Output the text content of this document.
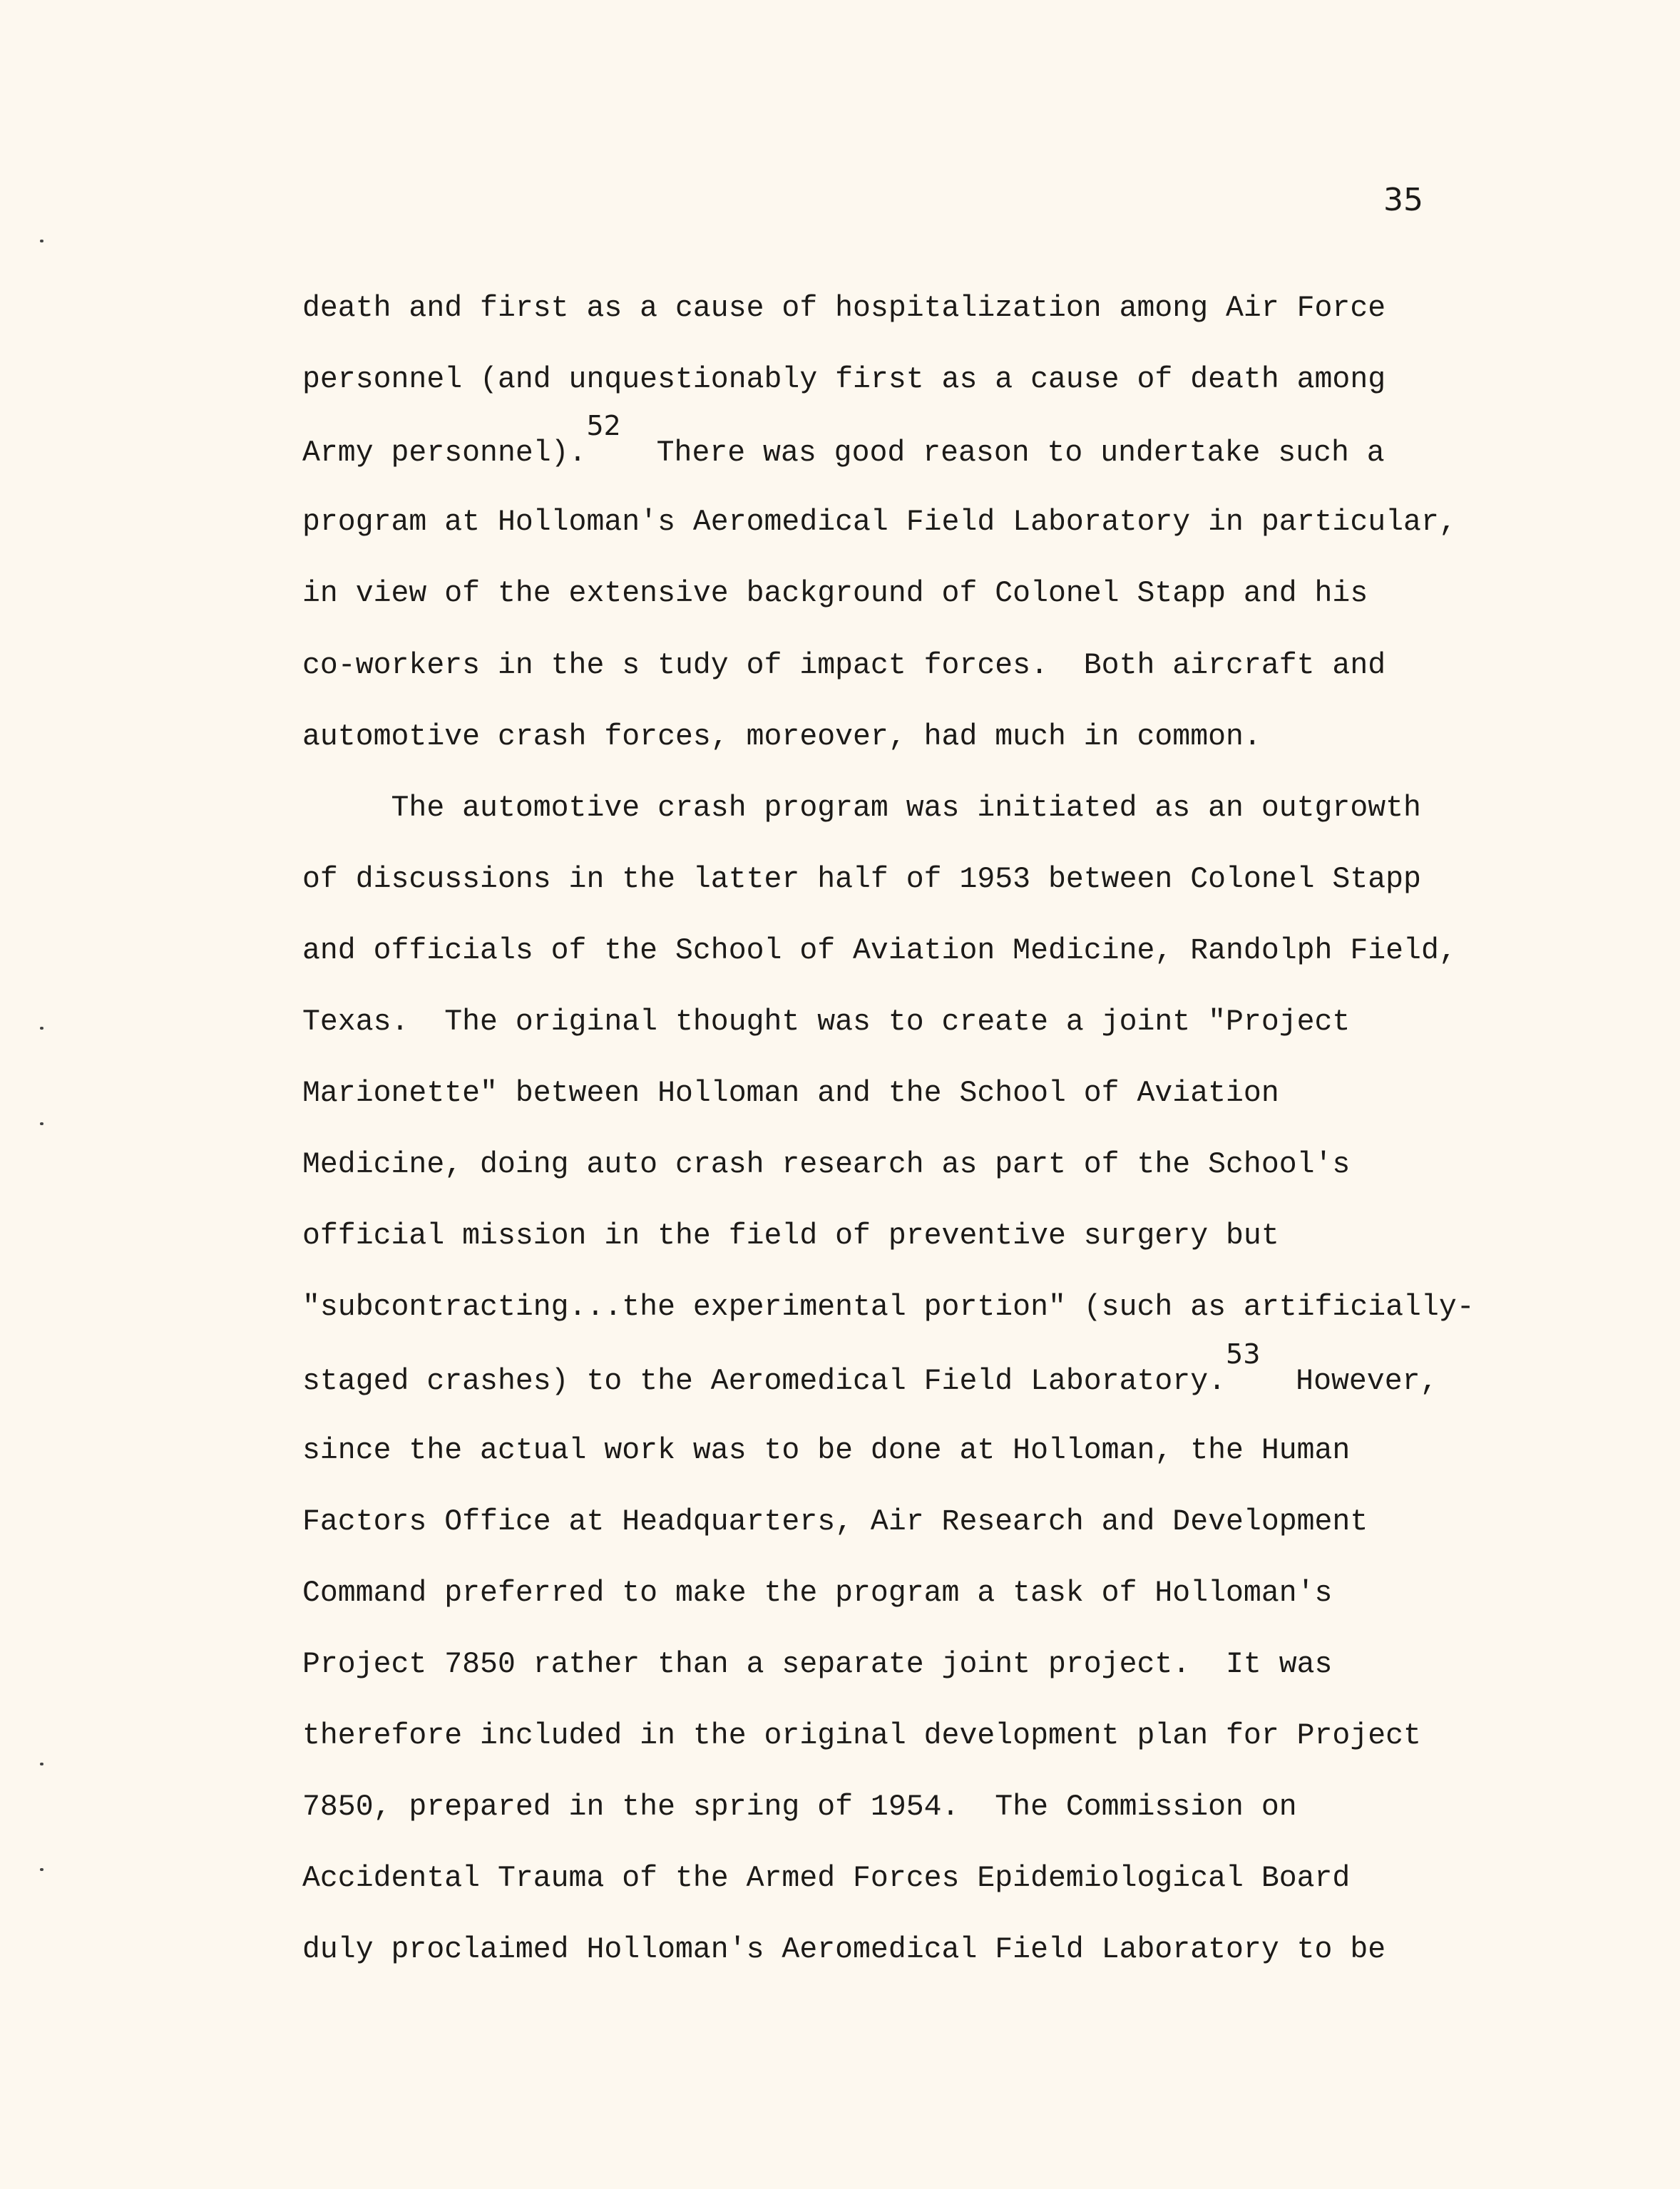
35
death and first as a cause of hospitalization among Air Force
personnel (and unquestionably first as a cause of death among
Army personnel).52  There was good reason to undertake such a
program at Holloman's Aeromedical Field Laboratory in particular,
in view of the extensive background of Colonel Stapp and his
co-workers in the s tudy of impact forces.  Both aircraft and
automotive crash forces, moreover, had much in common.
The automotive crash program was initiated as an outgrowth
of discussions in the latter half of 1953 between Colonel Stapp
and officials of the School of Aviation Medicine, Randolph Field,
Texas.  The original thought was to create a joint "Project
Marionette" between Holloman and the School of Aviation
Medicine, doing auto crash research as part of the School's
official mission in the field of preventive surgery but
"subcontracting...the experimental portion" (such as artificially-
staged crashes) to the Aeromedical Field Laboratory.53  However,
since the actual work was to be done at Holloman, the Human
Factors Office at Headquarters, Air Research and Development
Command preferred to make the program a task of Holloman's
Project 7850 rather than a separate joint project.  It was
therefore included in the original development plan for Project
7850, prepared in the spring of 1954.  The Commission on
Accidental Trauma of the Armed Forces Epidemiological Board
duly proclaimed Holloman's Aeromedical Field Laboratory to be
